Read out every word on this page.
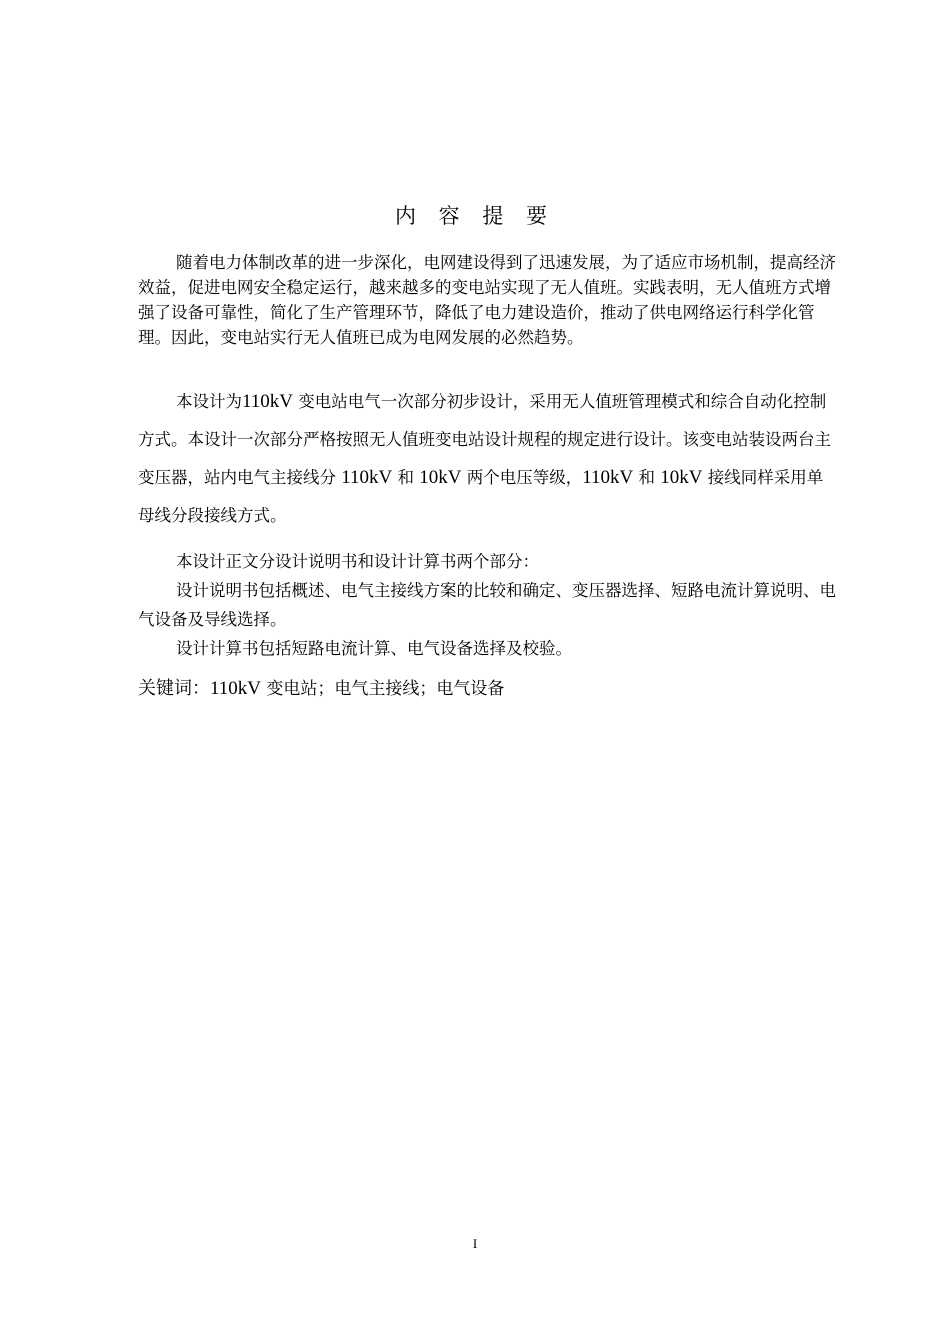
内 容 提 要
随着电力体制改革的进一步深化，电网建设得到了迅速发展，为了适应市场机制，提高经济效益，促进电网安全稳定运行，越来越多的变电站实现了无人值班。实践表明，无人值班方式增强了设备可靠性，简化了生产管理环节，降低了电力建设造价，推动了供电网络运行科学化管理。因此，变电站实行无人值班已成为电网发展的必然趋势。
本设计为110kV 变电站电气一次部分初步设计，采用无人值班管理模式和综合自动化控制方式。本设计一次部分严格按照无人值班变电站设计规程的规定进行设计。该变电站装设两台主变压器，站内电气主接线分 110kV 和 10kV 两个电压等级，110kV 和 10kV 接线同样采用单母线分段接线方式。
本设计正文分设计说明书和设计计算书两个部分：
设计说明书包括概述、电气主接线方案的比较和确定、变压器选择、短路电流计算说明、电气设备及导线选择。
设计计算书包括短路电流计算、电气设备选择及校验。
关键词：110kV 变电站；电气主接线；电气设备
I
